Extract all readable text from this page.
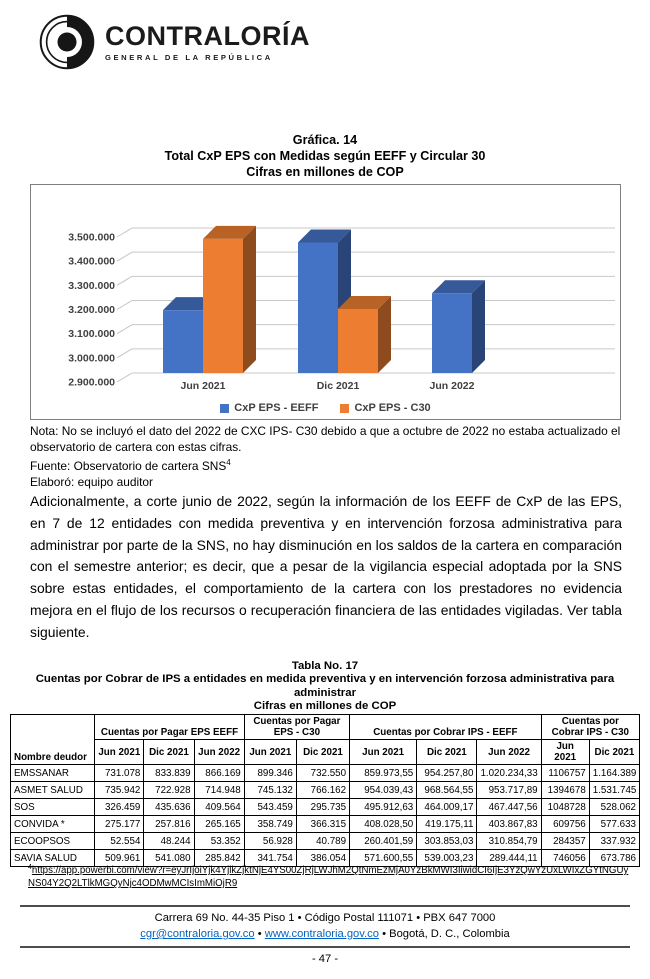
CONTRALORÍA
GENERAL DE LA REPÚBLICA
Gráfica. 14
Total CxP EPS con Medidas según EEFF y Circular 30
Cifras en millones de COP
2.900.000
3.000.000
3.100.000
3.200.000
3.300.000
3.400.000
3.500.000
Jun 2021	Dic 2021	Jun 2022
CxP EPS - EEFF	CxP EPS - C30
Nota: No se incluyó el dato del 2022 de CXC IPS- C30 debido a que a octubre de 2022 no estaba actualizado el observatorio de cartera con estas cifras.
Fuente: Observatorio de cartera SNS$^4$
Elaboró: equipo auditor
Adicionalmente, a corte junio de 2022, según la información de los EEFF de CxP de las EPS, en 7 de 12 entidades con medida preventiva y en intervención forzosa administrativa para administrar por parte de la SNS, no hay disminución en los saldos de la cartera en comparación con el semestre anterior; es decir, que a pesar de la vigilancia especial adoptada por la SNS sobre estas entidades, el comportamiento de la cartera con los prestadores no evidencia mejora en el flujo de los recursos o recuperación financiera de las entidades vigiladas. Ver tabla siguiente.
Tabla No. 17
Cuentas por Cobrar de IPS a entidades en medida preventiva y en intervención forzosa administrativa para administrar
Cifras en millones de COP
Nombre deudor	Cuentas por Pagar EPS EEFF			Cuentas por Pagar EPS - C30		Cuentas por Cobrar IPS - EEFF			Cuentas por Cobrar IPS - C30	
	Jun 2021	Dic 2021	Jun 2022	Jun 2021	Dic 2021	Jun 2021	Dic 2021	Jun 2022	Jun 2021	Dic 2021
EMSSANAR	731.078	833.839	866.169	899.346	732.550	859.973,55	954.257,80	1.020.234,33	1106757	1.164.389
ASMET SALUD	735.942	722.928	714.948	745.132	766.162	954.039,43	968.564,55	953.717,89	1394678	1.531.745
SOS	326.459	435.636	409.564	543.459	295.735	495.912,63	464.009,17	467.447,56	1048728	528.062
CONVIDA *	275.177	257.816	265.165	358.749	366.315	408.028,50	419.175,11	403.867,83	609756	577.633
ECOOPSOS	52.554	48.244	53.352	56.928	40.789	260.401,59	303.853,03	310.854,79	284357	337.932
SAVIA SALUD	509.961	541.080	285.842	341.754	386.054	571.600,55	539.003,23	289.444,11	746056	673.786
$^4$https://app.powerbi.com/view?r=eyJrIjoiYjk4YjlkZjktNjE4YS00ZjRjLWJhM2QtNmEzMjA0YzBkMWI3IiwidCI6IjE3YzQwYzUxLWIxZGYtNGUyNS04Y2Q2LTlkMGQyNjc4ODMwMCIsImMiOjR9
Carrera 69 No. 44-35 Piso 1 • Código Postal 111071 • PBX 647 7000
cgr@contraloria.gov.co • www.contraloria.gov.co • Bogotá, D. C., Colombia
- 47 -
